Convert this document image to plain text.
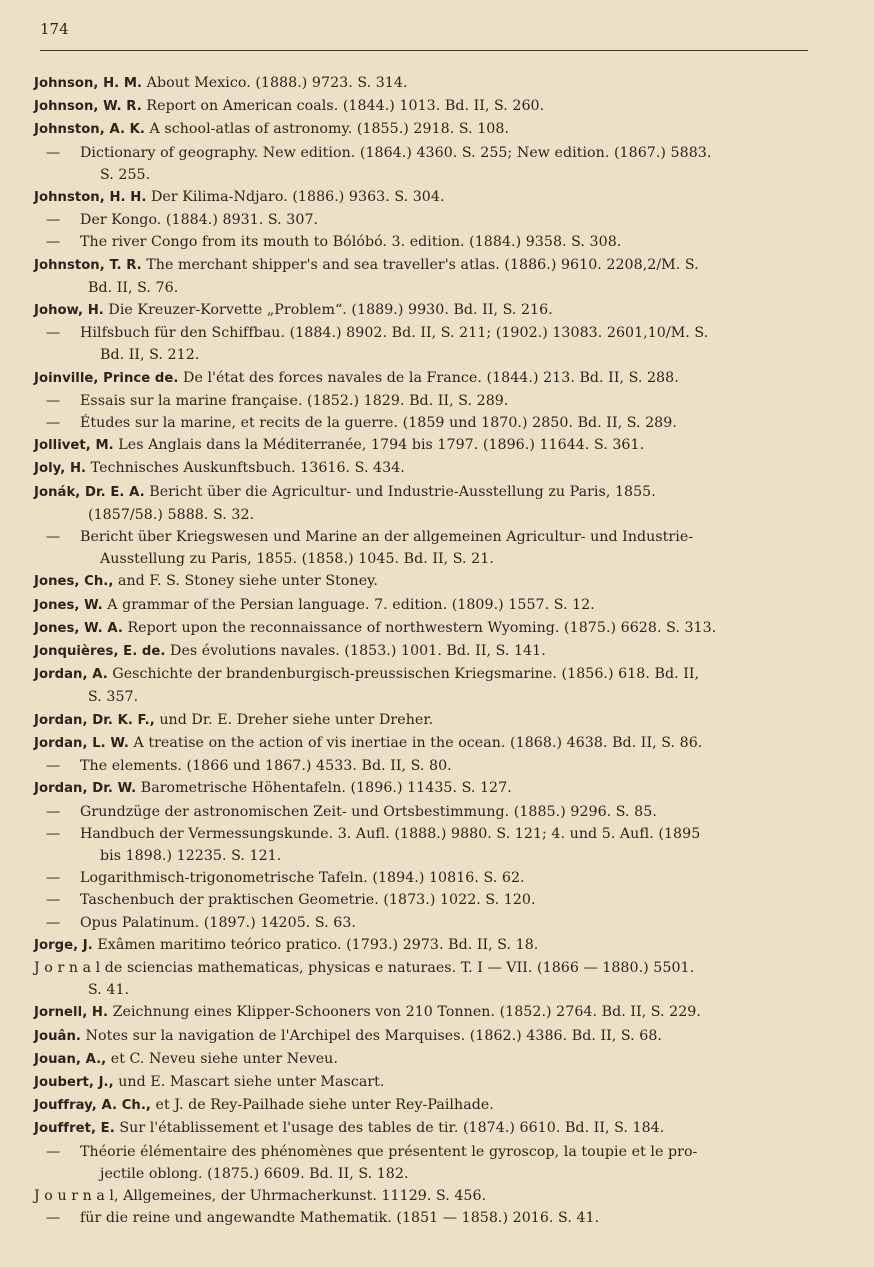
174
Johnson, H. M. About Mexico. (1888.) 9723. S. 314.
Johnson, W. R. Report on American coals. (1844.) 1013. Bd. II, S. 260.
Johnston, A. K. A school-atlas of astronomy. (1855.) 2918. S. 108.
— Dictionary of geography. New edition. (1864.) 4360. S. 255; New edition. (1867.) 5883.
S. 255.
Johnston, H. H. Der Kilima-Ndjaro. (1886.) 9363. S. 304.
— Der Kongo. (1884.) 8931. S. 307.
— The river Congo from its mouth to Bólóbó. 3. edition. (1884.) 9358. S. 308.
Johnston, T. R. The merchant shipper's and sea traveller's atlas. (1886.) 9610. 2208,2/M. S.
Bd. II, S. 76.
Johow, H. Die Kreuzer-Korvette „Problem“. (1889.) 9930. Bd. II, S. 216.
— Hilfsbuch für den Schiffbau. (1884.) 8902. Bd. II, S. 211; (1902.) 13083. 2601,10/M. S.
Bd. II, S. 212.
Joinville, Prince de. De l'état des forces navales de la France. (1844.) 213. Bd. II, S. 288.
— Essais sur la marine française. (1852.) 1829. Bd. II, S. 289.
— Études sur la marine, et recits de la guerre. (1859 und 1870.) 2850. Bd. II, S. 289.
Jollivet, M. Les Anglais dans la Méditerranée, 1794 bis 1797. (1896.) 11644. S. 361.
Joly, H. Technisches Auskunftsbuch. 13616. S. 434.
Jonák, Dr. E. A. Bericht über die Agricultur- und Industrie-Ausstellung zu Paris, 1855.
(1857/58.) 5888. S. 32.
— Bericht über Kriegswesen und Marine an der allgemeinen Agricultur- und Industrie-
Ausstellung zu Paris, 1855. (1858.) 1045. Bd. II, S. 21.
Jones, Ch., and F. S. Stoney siehe unter Stoney.
Jones, W. A grammar of the Persian language. 7. edition. (1809.) 1557. S. 12.
Jones, W. A. Report upon the reconnaissance of northwestern Wyoming. (1875.) 6628. S. 313.
Jonquières, E. de. Des évolutions navales. (1853.) 1001. Bd. II, S. 141.
Jordan, A. Geschichte der brandenburgisch-preussischen Kriegsmarine. (1856.) 618. Bd. II,
S. 357.
Jordan, Dr. K. F., und Dr. E. Dreher siehe unter Dreher.
Jordan, L. W. A treatise on the action of vis inertiae in the ocean. (1868.) 4638. Bd. II, S. 86.
— The elements. (1866 und 1867.) 4533. Bd. II, S. 80.
Jordan, Dr. W. Barometrische Höhentafeln. (1896.) 11435. S. 127.
— Grundzüge der astronomischen Zeit- und Ortsbestimmung. (1885.) 9296. S. 85.
— Handbuch der Vermessungskunde. 3. Aufl. (1888.) 9880. S. 121; 4. und 5. Aufl. (1895
bis 1898.) 12235. S. 121.
— Logarithmisch-trigonometrische Tafeln. (1894.) 10816. S. 62.
— Taschenbuch der praktischen Geometrie. (1873.) 1022. S. 120.
— Opus Palatinum. (1897.) 14205. S. 63.
Jorge, J. Exâmen maritimo teórico pratico. (1793.) 2973. Bd. II, S. 18.
J o r n a l de sciencias mathematicas, physicas e naturaes. T. I — VII. (1866 — 1880.) 5501.
S. 41.
Jornell, H. Zeichnung eines Klipper-Schooners von 210 Tonnen. (1852.) 2764. Bd. II, S. 229.
Jouân. Notes sur la navigation de l'Archipel des Marquises. (1862.) 4386. Bd. II, S. 68.
Jouan, A., et C. Neveu siehe unter Neveu.
Joubert, J., und E. Mascart siehe unter Mascart.
Jouffray, A. Ch., et J. de Rey-Pailhade siehe unter Rey-Pailhade.
Jouffret, E. Sur l'établissement et l'usage des tables de tir. (1874.) 6610. Bd. II, S. 184.
— Théorie élémentaire des phénomènes que présentent le gyroscop, la toupie et le pro-
jectile oblong. (1875.) 6609. Bd. II, S. 182.
J o u r n a l, Allgemeines, der Uhrmacherkunst. 11129. S. 456.
— für die reine und angewandte Mathematik. (1851 — 1858.) 2016. S. 41.
